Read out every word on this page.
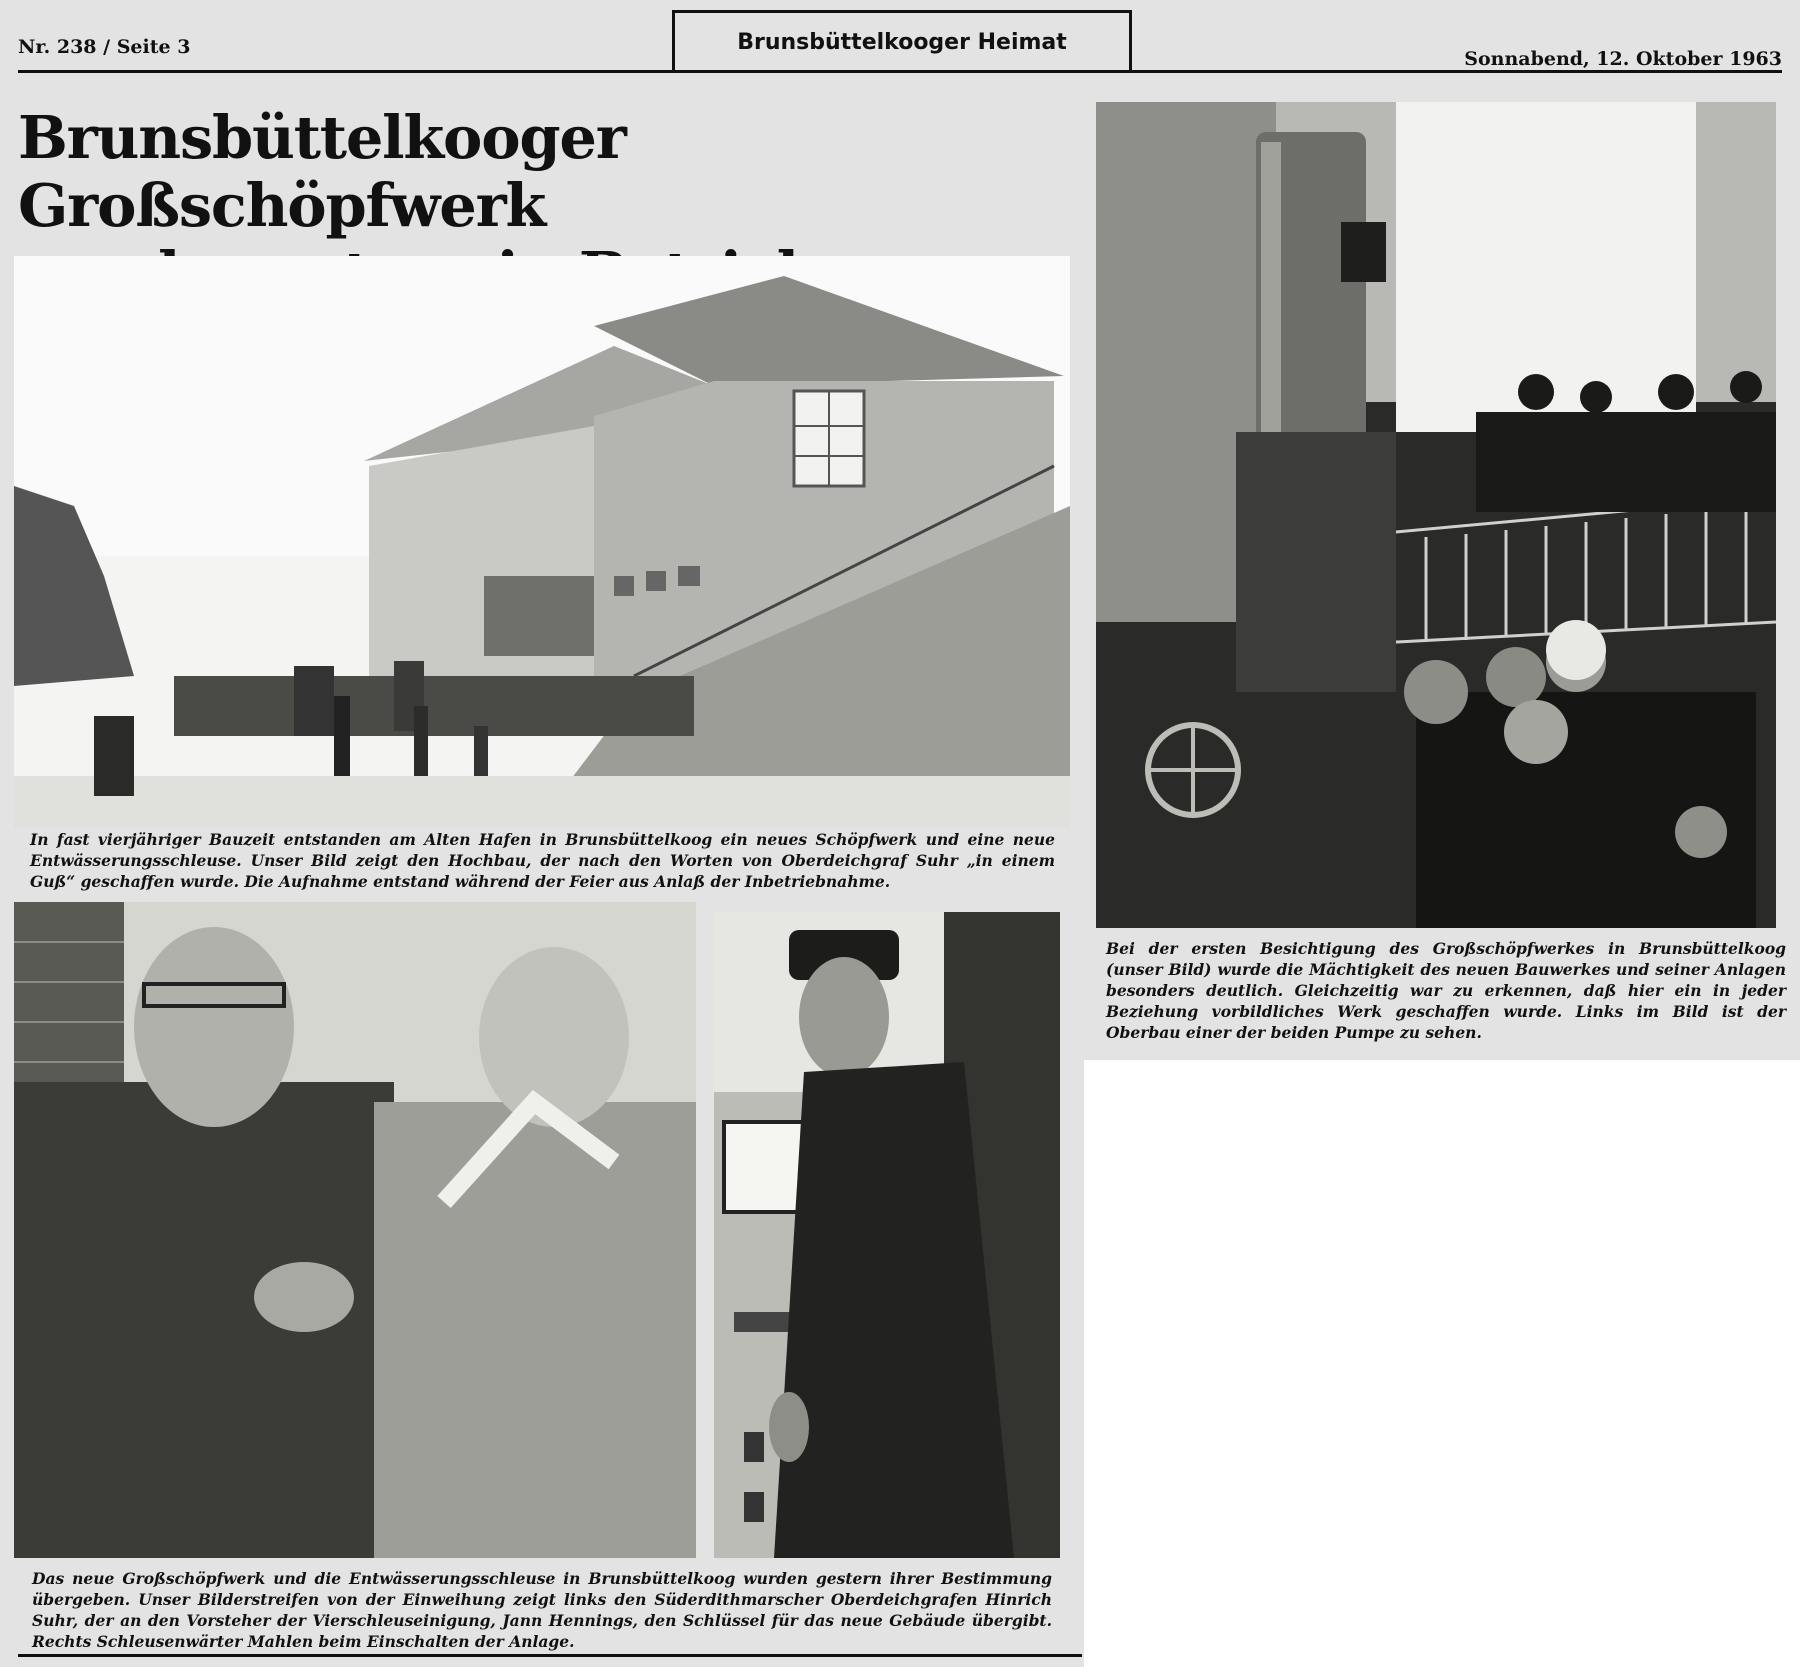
Nr. 238 / Seite 3	Brunsbüttelkooger Heimat
Sonnabend, 12. Oktober 1963
Brunsbüttelkooger Großschöpfwerk
In fast vierjähriger Bauzeit entstanden am Alten Hafen in Brunsbüttelkoog ein neues Schöpfwerk und eine neue Entwässerungsschleuse. Unser Bild zeigt den Hochbau, der nach den Worten von Oberdeichgraf Suhr „in einem Guß“ geschaffen wurde. Die Aufnahme entstand während der Feier aus Anlaß der Inbetriebnahme.
Bei der ersten Besichtigung des Großschöpfwerkes in Brunsbüttelkoog (unser Bild) wurde die Mächtigkeit des neuen Bauwerkes und seiner Anlagen besonders deutlich. Gleichzeitig war zu erkennen, daß hier ein in jeder Beziehung vorbildliches Werk geschaffen wurde. Links im Bild ist der Oberbau einer der beiden Pumpe zu sehen.
Das neue Großschöpfwerk und die Entwässerungsschleuse in Brunsbüttelkoog wurden gestern ihrer Bestimmung übergeben. Unser Bilderstreifen von der Einweihung zeigt links den Süderdithmarscher Oberdeichgrafen Hinrich Suhr, der an den Vorsteher der Vierschleuseinigung, Jann Hennings, den Schlüssel für das neue Gebäude übergibt. Rechts Schleusenwärter Mahlen beim Einschalten der Anlage.
